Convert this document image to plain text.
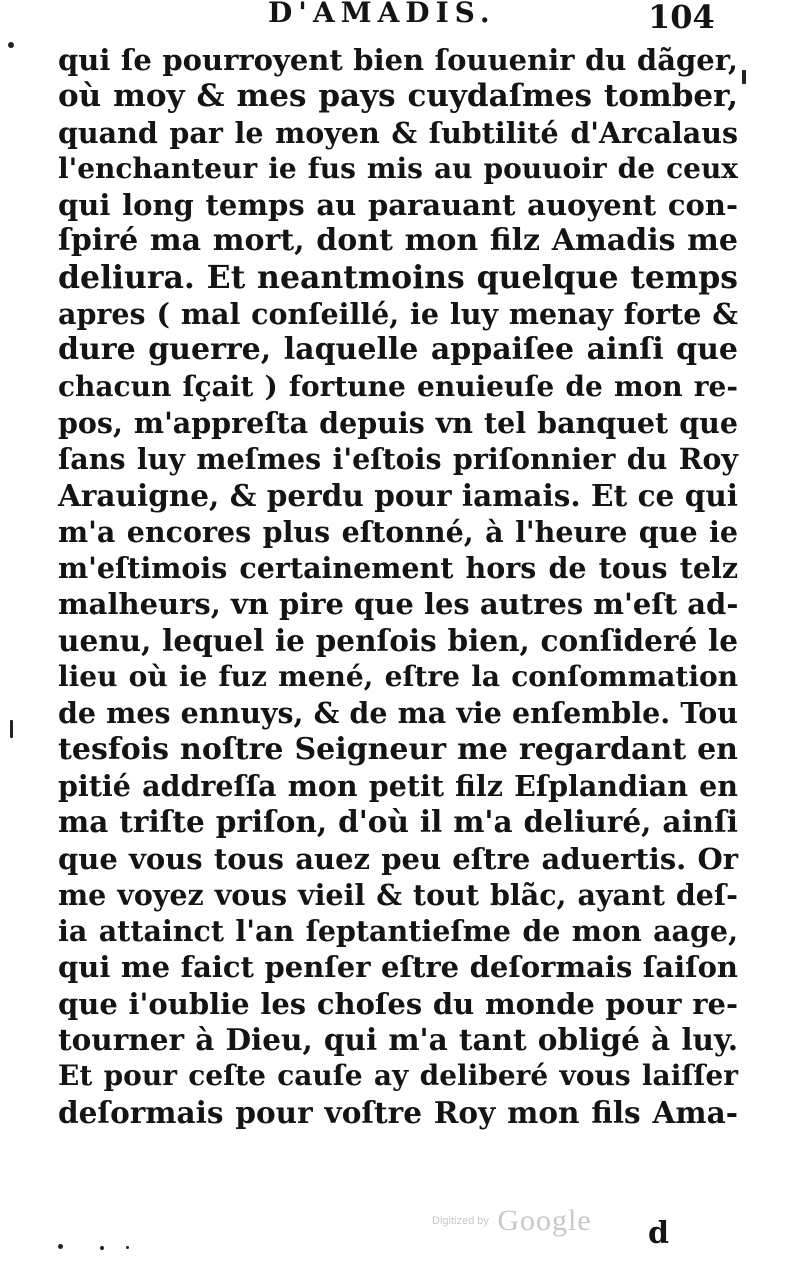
D'AMADIS.	104
qui ſe pourroyent bien ſouuenir du dãger,
où moy & mes pays cuydaſmes tomber,
quand par le moyen & ſubtilité d'Arcalaus
l'enchanteur ie fus mis au pouuoir de ceux
qui long temps au parauant auoyent con-
ſpiré ma mort, dont mon filz Amadis me
deliura. Et neantmoins quelque temps
apres ( mal conſeillé, ie luy menay forte &
dure guerre, laquelle appaiſee ainſi que
chacun ſçait ) fortune enuieuſe de mon re-
pos, m'appreſta depuis vn tel banquet que
ſans luy meſmes i'eſtois priſonnier du Roy
Arauigne, & perdu pour iamais. Et ce qui
m'a encores plus eſtonné, à l'heure que ie
m'eſtimois certainement hors de tous telz
malheurs, vn pire que les autres m'eſt ad-
uenu, lequel ie penſois bien, conſideré le
lieu où ie fuz mené, eſtre la conſommation
de mes ennuys, & de ma vie enſemble. Tou
tesfois noſtre Seigneur me regardant en
pitié addreſſa mon petit filz Eſplandian en
ma triſte priſon, d'où il m'a deliuré, ainſi
que vous tous auez peu eſtre aduertis. Or
me voyez vous vieil & tout blãc, ayant deſ-
ia attainct l'an ſeptantieſme de mon aage,
qui me faict penſer eſtre deſormais ſaiſon
que i'oublie les choſes du monde pour re-
tourner à Dieu, qui m'a tant obligé à luy.
Et pour ceſte cauſe ay deliberé vous laiſſer
deſormais pour voſtre Roy mon fils Ama-
Digitized by Google d
